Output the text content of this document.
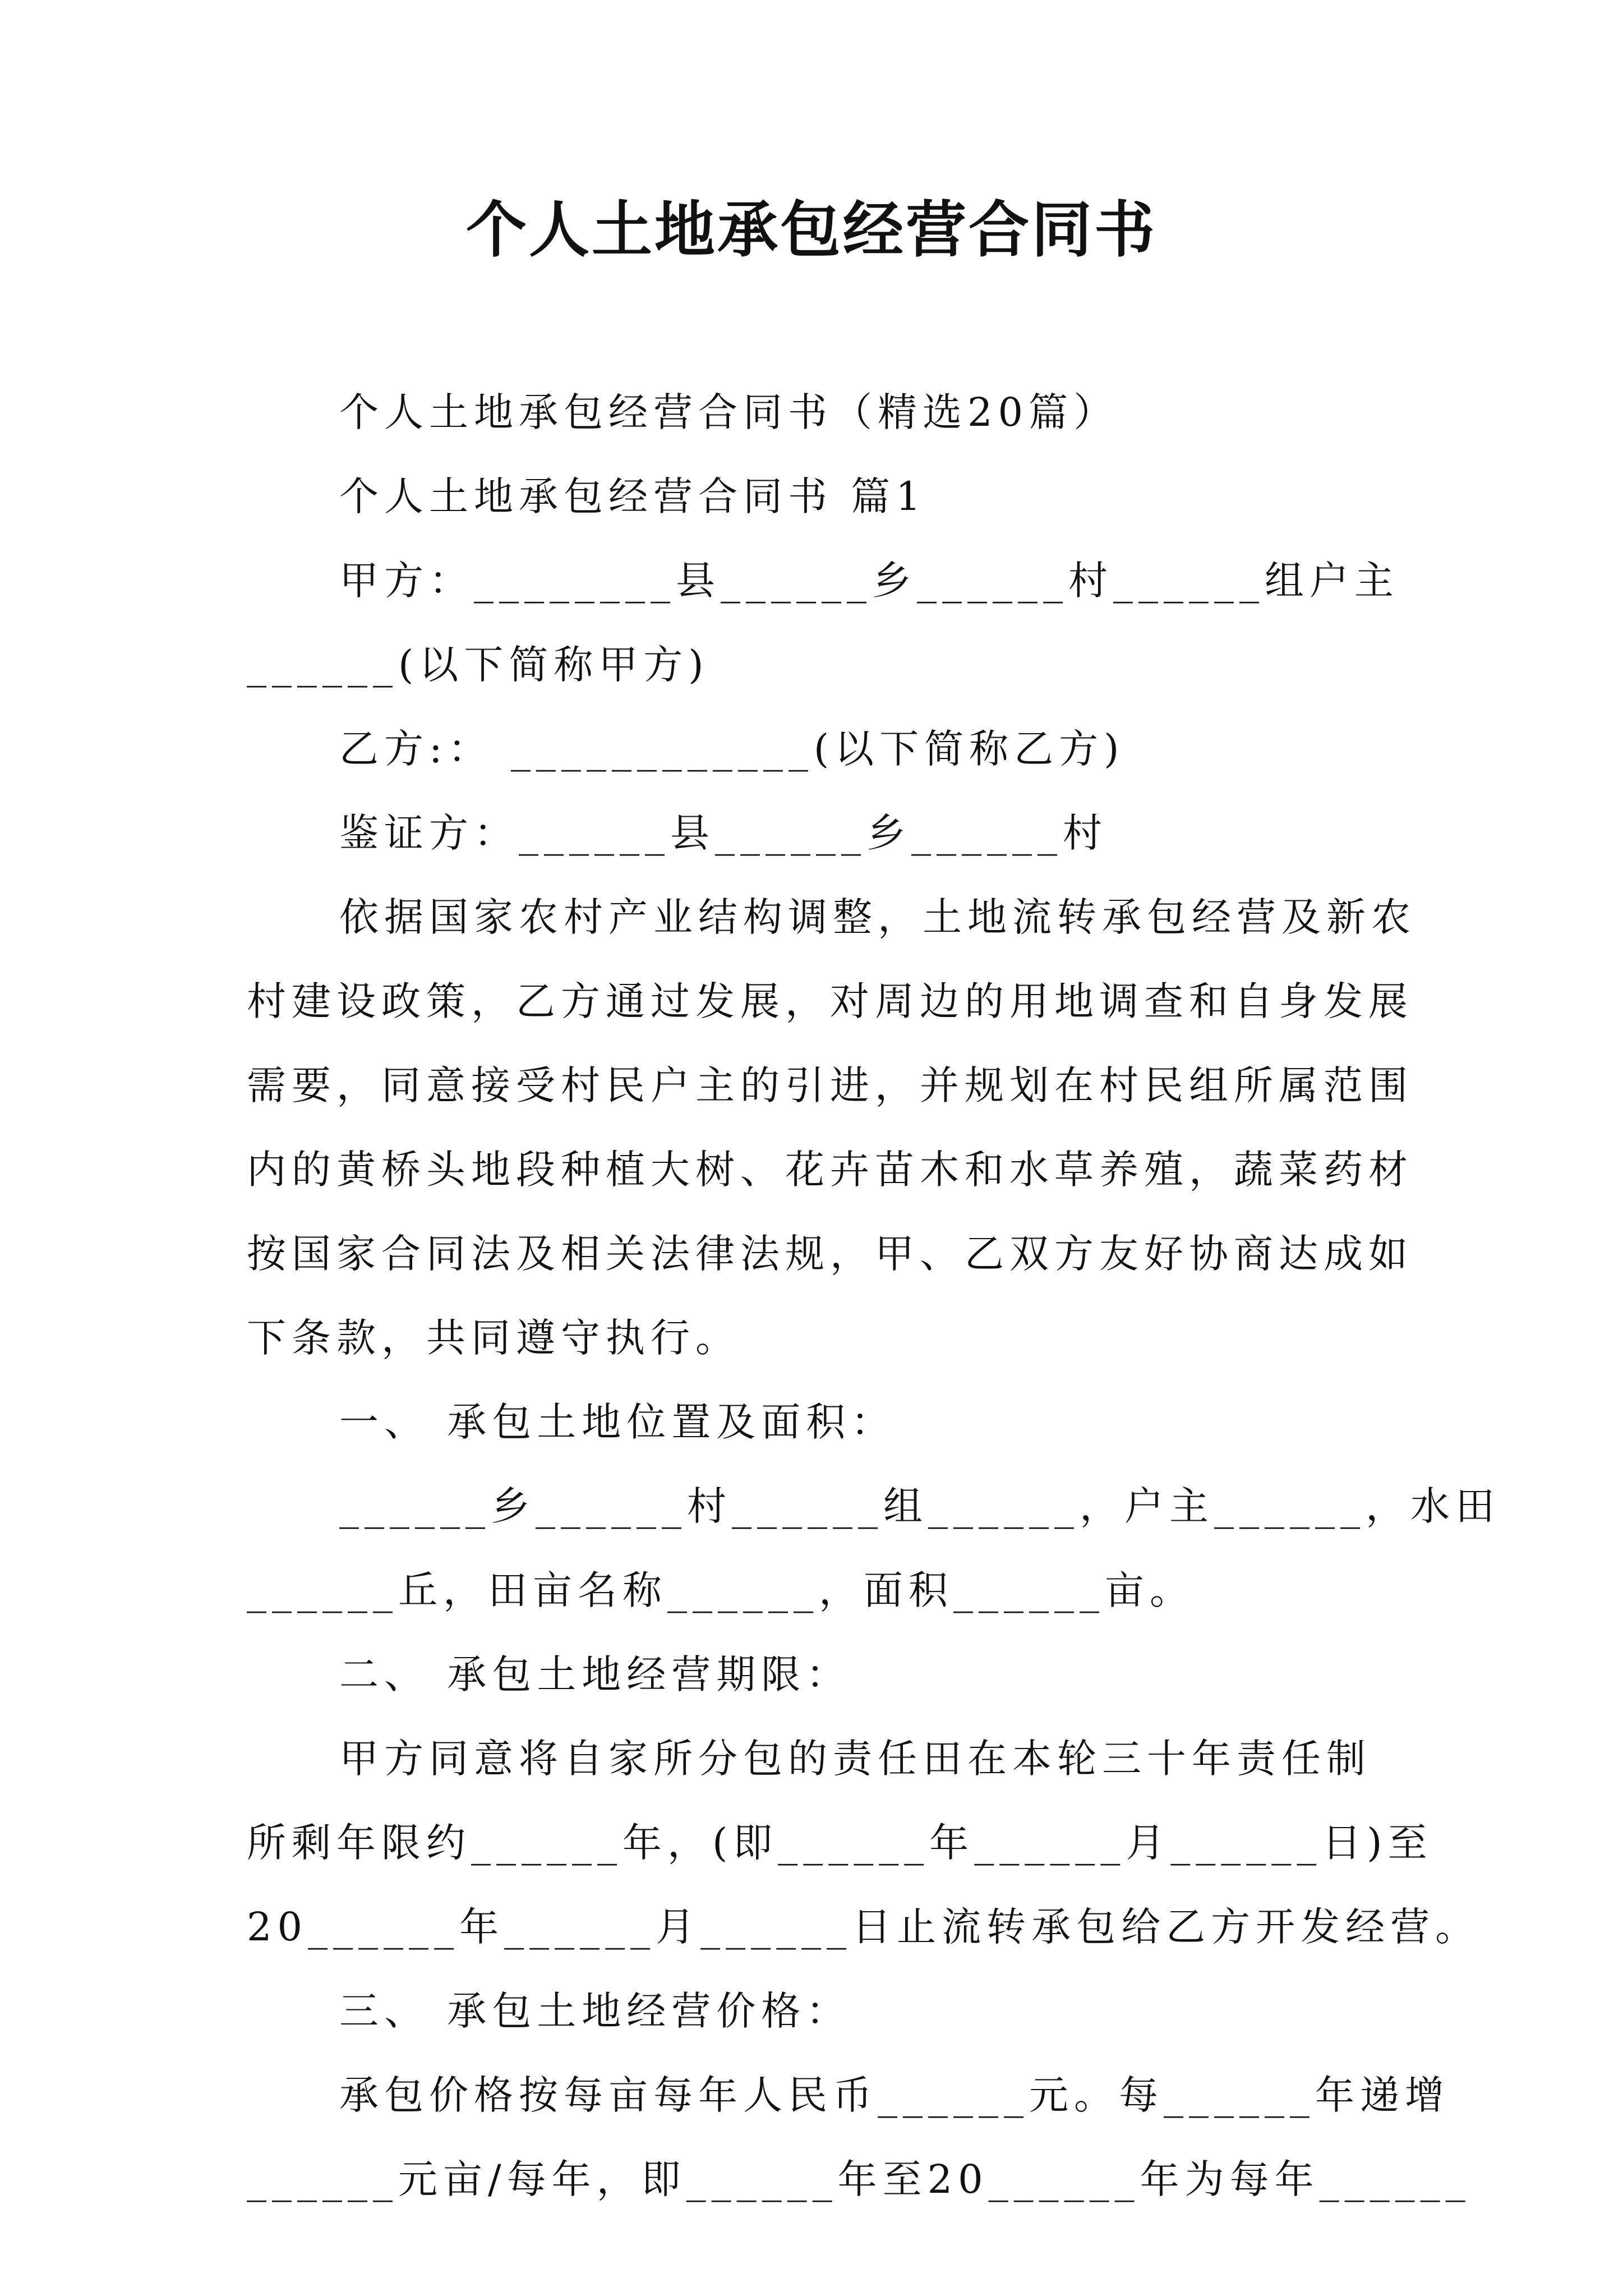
个人土地承包经营合同书
个人土地承包经营合同书（精选20篇）
个人土地承包经营合同书 篇1
甲方：________县______乡______村______组户主
______(以下简称甲方)
乙方:： ____________(以下简称乙方)
鉴证方：______县______乡______村
依据国家农村产业结构调整，土地流转承包经营及新农
村建设政策，乙方通过发展，对周边的用地调查和自身发展
需要，同意接受村民户主的引进，并规划在村民组所属范围
内的黄桥头地段种植大树、花卉苗木和水草养殖，蔬菜药材
按国家合同法及相关法律法规，甲、乙双方友好协商达成如
下条款，共同遵守执行。
一、 承包土地位置及面积：
______乡______村______组______，户主______，水田
______丘，田亩名称______，面积______亩。
二、 承包土地经营期限：
甲方同意将自家所分包的责任田在本轮三十年责任制
所剩年限约______年，(即______年______月______日)至
20______年______月______日止流转承包给乙方开发经营。
三、 承包土地经营价格：
承包价格按每亩每年人民币______元。每______年递增
______元亩/每年，即______年至20______年为每年______
